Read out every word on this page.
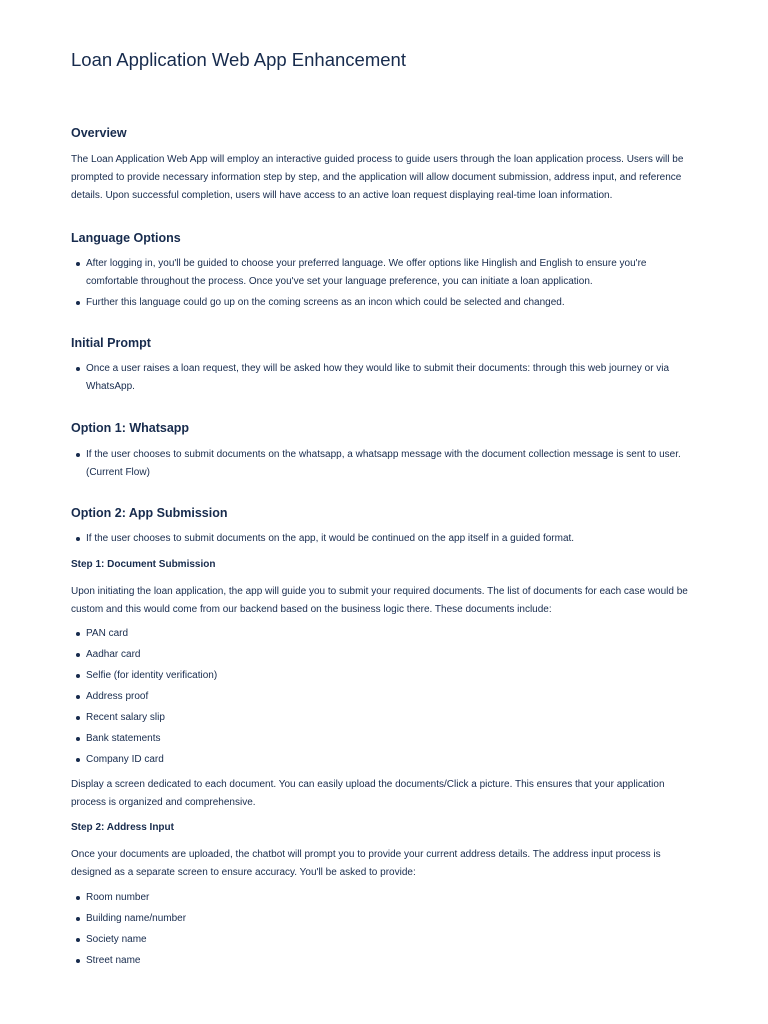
Loan Application Web App Enhancement
Overview

The Loan Application Web App will employ an interactive guided process to guide users through the loan application process. Users will be prompted to provide necessary information step by step, and the application will allow document submission, address input, and reference details. Upon successful completion, users will have access to an active loan request displaying real-time loan information.

Language Options
After logging in, you'll be guided to choose your preferred language. We offer options like Hinglish and English to ensure you're comfortable throughout the process. Once you've set your language preference, you can initiate a loan application.
Further this language could go up on the coming screens as an incon which could be selected and changed.
Initial Prompt
Once a user raises a loan request, they will be asked how they would like to submit their documents: through this web journey or via WhatsApp.
Option 1: Whatsapp
If the user chooses to submit documents on the whatsapp, a whatsapp message with the document collection message is sent to user. (Current Flow)
Option 2: App Submission
If the user chooses to submit documents on the app, it would be continued on the app itself in a guided format.
Step 1: Document Submission

Upon initiating the loan application, the app will guide you to submit your required documents. The list of documents for each case would be custom and this would come from our backend based on the business logic there. These documents include:

PAN card
Aadhar card
Selfie (for identity verification)
Address proof
Recent salary slip
Bank statements
Company ID card

Display a screen dedicated to each document. You can easily upload the documents/Click a picture. This ensures that your application process is organized and comprehensive.

Step 2: Address Input

Once your documents are uploaded, the chatbot will prompt you to provide your current address details. The address input process is designed as a separate screen to ensure accuracy. You'll be asked to provide:

Room number
Building name/number
Society name
Street name
